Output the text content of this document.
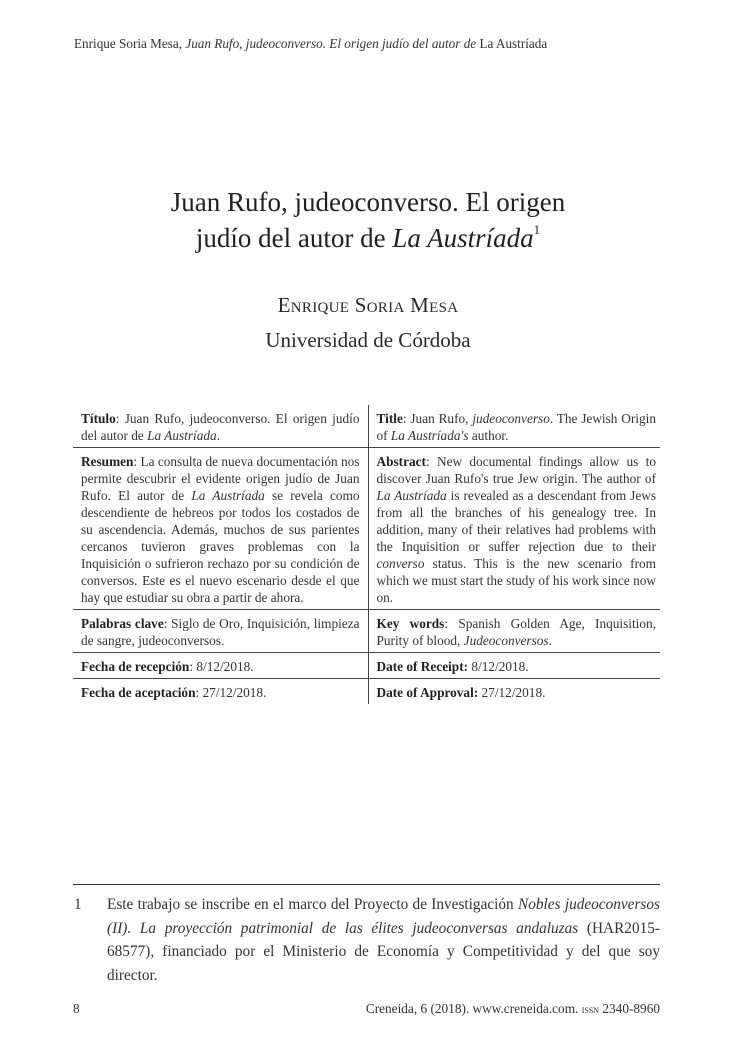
Enrique Soria Mesa, Juan Rufo, judeoconverso. El origen judío del autor de La Austríada
Juan Rufo, judeoconverso. El origen
judío del autor de La Austríada$^1$
Enrique Soria Mesa
Universidad de Córdoba
Título: Juan Rufo, judeoconverso. El origen judío del autor de La Austríada.	Title: Juan Rufo, judeoconverso. The Jewish Origin of La Austríada's author.
Resumen: La consulta de nueva documentación nos permite descubrir el evidente origen judío de Juan Rufo. El autor de La Austríada se revela como descendiente de hebreos por todos los costados de su ascendencia. Además, muchos de sus parientes cercanos tuvieron graves problemas con la Inquisición o sufrieron rechazo por su condición de conversos. Este es el nuevo escenario desde el que hay que estudiar su obra a partir de ahora.	Abstract: New documental findings allow us to discover Juan Rufo's true Jew origin. The author of La Austríada is revealed as a descendant from Jews from all the branches of his genealogy tree. In addition, many of their relatives had problems with the Inquisition or suffer rejection due to their converso status. This is the new scenario from which we must start the study of his work since now on.
Palabras clave: Siglo de Oro, Inquisición, limpieza de sangre, judeoconversos.	Key words: Spanish Golden Age, Inquisition, Purity of blood, Judeoconversos.
Fecha de recepción: 8/12/2018.	Date of Receipt: 8/12/2018.
Fecha de aceptación: 27/12/2018.	Date of Approval: 27/12/2018.
1 Este trabajo se inscribe en el marco del Proyecto de Investigación Nobles judeoconversos (II). La proyección patrimonial de las élites judeoconversas andaluzas (HAR2015-68577), financiado por el Ministerio de Economía y Competitividad y del que soy director.
8	Creneida, 6 (2018). www.creneida.com. issn 2340-8960
